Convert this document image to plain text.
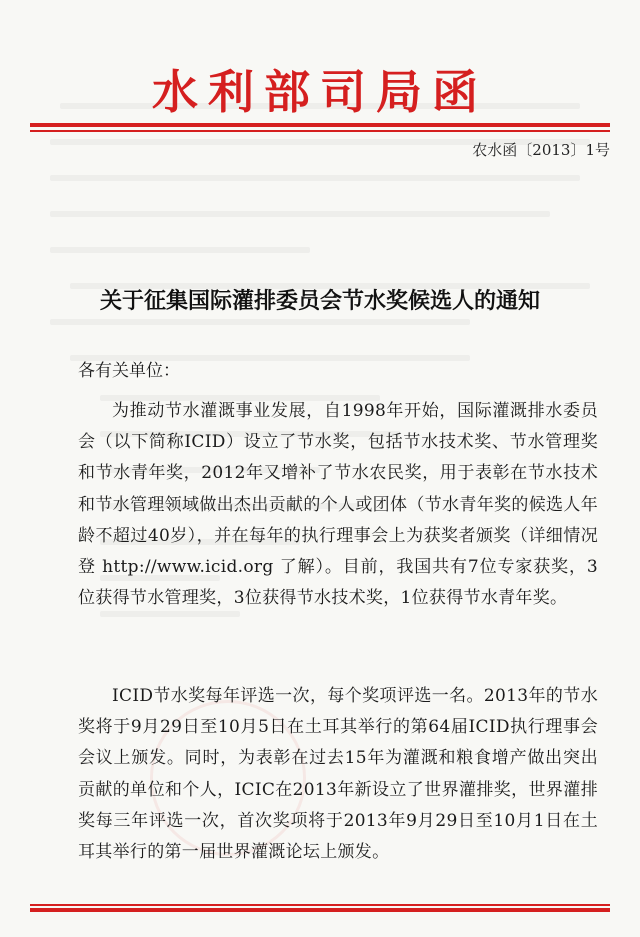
水利部司局函
农水函〔2013〕1号
关于征集国际灌排委员会节水奖候选人的通知
各有关单位：

为推动节水灌溉事业发展，自1998年开始，国际灌溉排水委员会（以下简称ICID）设立了节水奖，包括节水技术奖、节水管理奖和节水青年奖，2012年又增补了节水农民奖，用于表彰在节水技术和节水管理领域做出杰出贡献的个人或团体（节水青年奖的候选人年龄不超过40岁），并在每年的执行理事会上为获奖者颁奖（详细情况登 http://www.icid.org 了解）。目前，我国共有7位专家获奖，3位获得节水管理奖，3位获得节水技术奖，1位获得节水青年奖。

ICID节水奖每年评选一次，每个奖项评选一名。2013年的节水奖将于9月29日至10月5日在土耳其举行的第64届ICID执行理事会会议上颁发。同时，为表彰在过去15年为灌溉和粮食增产做出突出贡献的单位和个人，ICIC在2013年新设立了世界灌排奖，世界灌排奖每三年评选一次，首次奖项将于2013年9月29日至10月1日在土耳其举行的第一届世界灌溉论坛上颁发。
